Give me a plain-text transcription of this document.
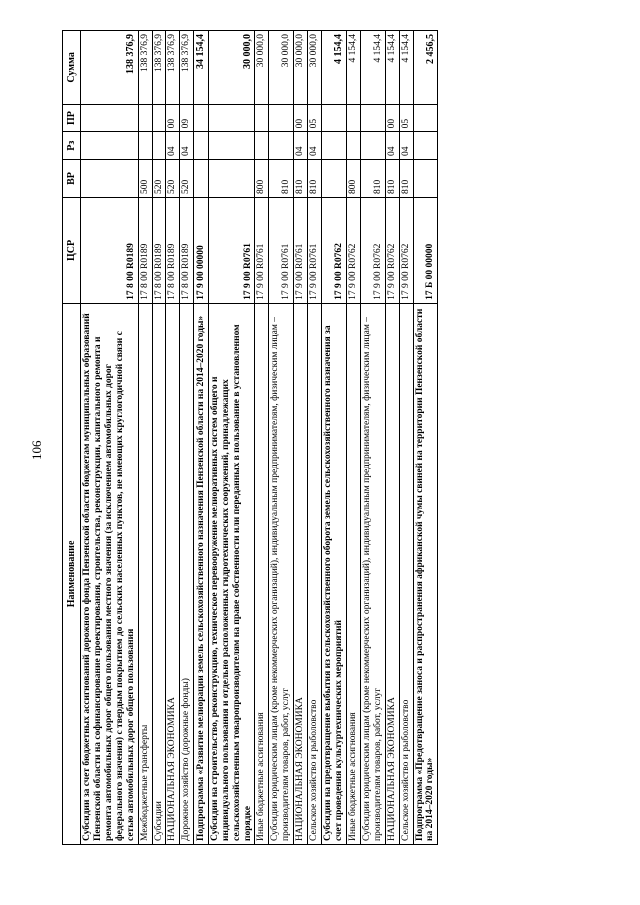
106
Наименование	ЦСР	ВР	Рз	ПР	Сумма
Субсидии за счет бюджетных ассигнований дорожного фонда Пензенской области бюджетам муниципальных образований Пензенской области на софинансирование проектирования, строительства, реконструкции, капитального ремонта и ремонта автомобильных дорог общего пользования местного значения (за исключением автомобильных дорог федерального значения) с твердым покрытием до сельских населенных пунктов, не имеющих круглогодичной связи с сетью автомобильных дорог общего пользования	17 8 00 R0189				138 376,9
Межбюджетные трансферты	17 8 00 R0189	500			138 376,9
Субсидии	17 8 00 R0189	520			138 376,9
НАЦИОНАЛЬНАЯ ЭКОНОМИКА	17 8 00 R0189	520	04	00	138 376,9
Дорожное хозяйство (дорожные фонды)	17 8 00 R0189	520	04	09	138 376,9
Подпрограмма «Развитие мелиорации земель сельскохозяйственного назначения Пензенской области на 2014–2020 годы»	17 9 00 00000				34 154,4
Субсидии на строительство, реконструкцию, техническое перевооружение мелиоративных систем общего и индивидуального пользования и отдельно расположенных гидротехнических сооружений, принадлежащих сельскохозяйственным товаропроизводителям на праве собственности или переданных в пользование в установленном порядке	17 9 00 R0761				30 000,0
Иные бюджетные ассигнования	17 9 00 R0761	800			30 000,0
Субсидии юридическим лицам (кроме некоммерческих организаций), индивидуальным предпринимателям, физическим лицам – производителям товаров, работ, услуг	17 9 00 R0761	810			30 000,0
НАЦИОНАЛЬНАЯ ЭКОНОМИКА	17 9 00 R0761	810	04	00	30 000,0
Сельское хозяйство и рыболовство	17 9 00 R0761	810	04	05	30 000,0
Субсидии на предотвращение выбытия из сельскохозяйственного оборота земель сельскохозяйственного назначения за счет проведения культуртехнических мероприятий	17 9 00 R0762				4 154,4
Иные бюджетные ассигнования	17 9 00 R0762	800			4 154,4
Субсидии юридическим лицам (кроме некоммерческих организаций), индивидуальным предпринимателям, физическим лицам – производителям товаров, работ, услуг	17 9 00 R0762	810			4 154,4
НАЦИОНАЛЬНАЯ ЭКОНОМИКА	17 9 00 R0762	810	04	00	4 154,4
Сельское хозяйство и рыболовство	17 9 00 R0762	810	04	05	4 154,4
Подпрограмма «Предотвращение заноса и распространения африканской чумы свиней на территории Пензенской области на 2014–2020 годы»	17 Б 00 00000				2 456,5
